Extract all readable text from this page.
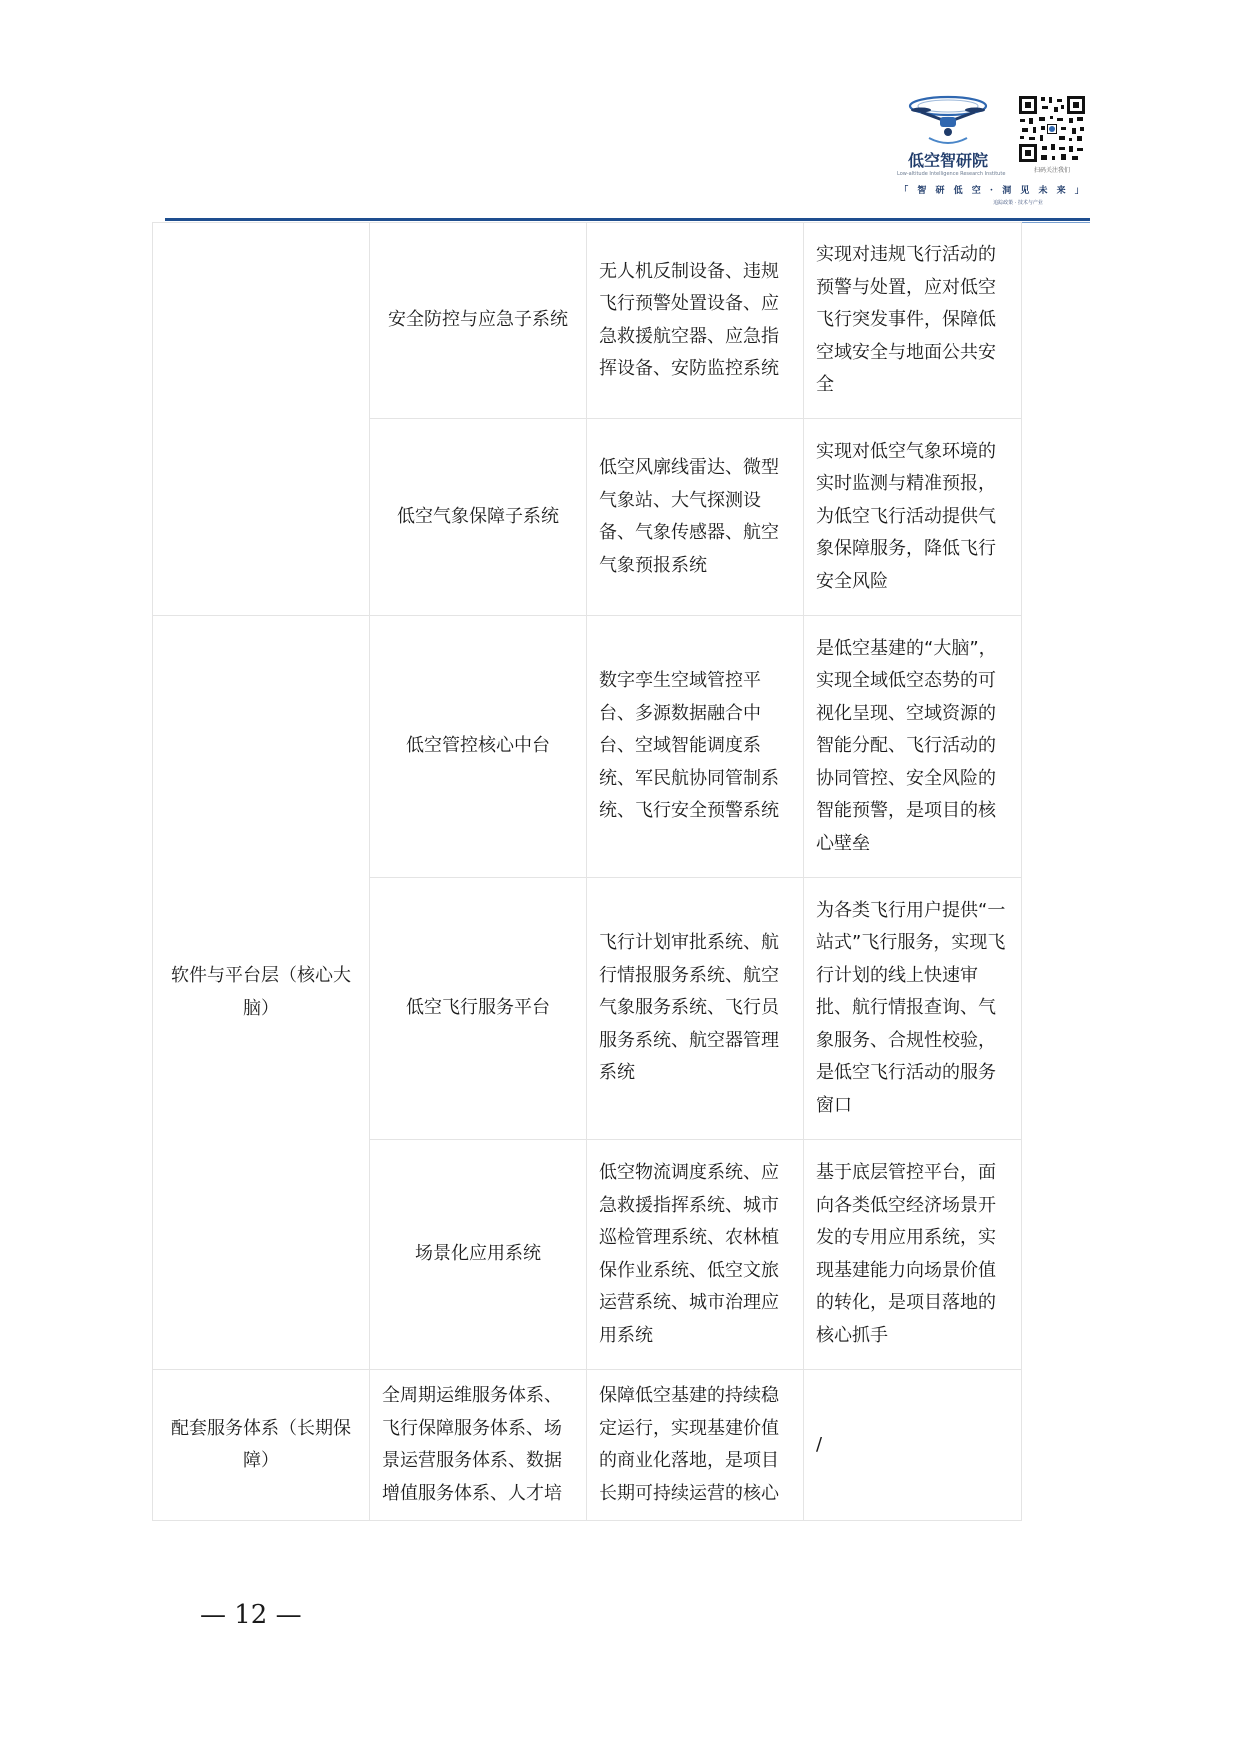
低空智研院
Low-altitude Intelligence Research Institute	扫码关注我们
「 智 研 低 空 · 洞 见 未 来 」
追踪政策 · 技术与产业
	安全防控与应急子系统	无人机反制设备、违规飞行预警处置设备、应急救援航空器、应急指挥设备、安防监控系统	实现对违规飞行活动的预警与处置，应对低空飞行突发事件，保障低空域安全与地面公共安全
	低空气象保障子系统	低空风廓线雷达、微型气象站、大气探测设备、气象传感器、航空气象预报系统	实现对低空气象环境的实时监测与精准预报，为低空飞行活动提供气象保障服务，降低飞行安全风险
软件与平台层（核心大脑）	低空管控核心中台	数字孪生空域管控平台、多源数据融合中台、空域智能调度系统、军民航协同管制系统、飞行安全预警系统	是低空基建的“大脑”，实现全域低空态势的可视化呈现、空域资源的智能分配、飞行活动的协同管控、安全风险的智能预警，是项目的核心壁垒
	低空飞行服务平台	飞行计划审批系统、航行情报服务系统、航空气象服务系统、飞行员服务系统、航空器管理系统	为各类飞行用户提供“一站式”飞行服务，实现飞行计划的线上快速审批、航行情报查询、气象服务、合规性校验，是低空飞行活动的服务窗口
	场景化应用系统	低空物流调度系统、应急救援指挥系统、城市巡检管理系统、农林植保作业系统、低空文旅运营系统、城市治理应用系统	基于底层管控平台，面向各类低空经济场景开发的专用应用系统，实现基建能力向场景价值的转化，是项目落地的核心抓手
配套服务体系（长期保障）	全周期运维服务体系、飞行保障服务体系、场景运营服务体系、数据增值服务体系、人才培	保障低空基建的持续稳定运行，实现基建价值的商业化落地，是项目长期可持续运营的核心	/
— 12 —
